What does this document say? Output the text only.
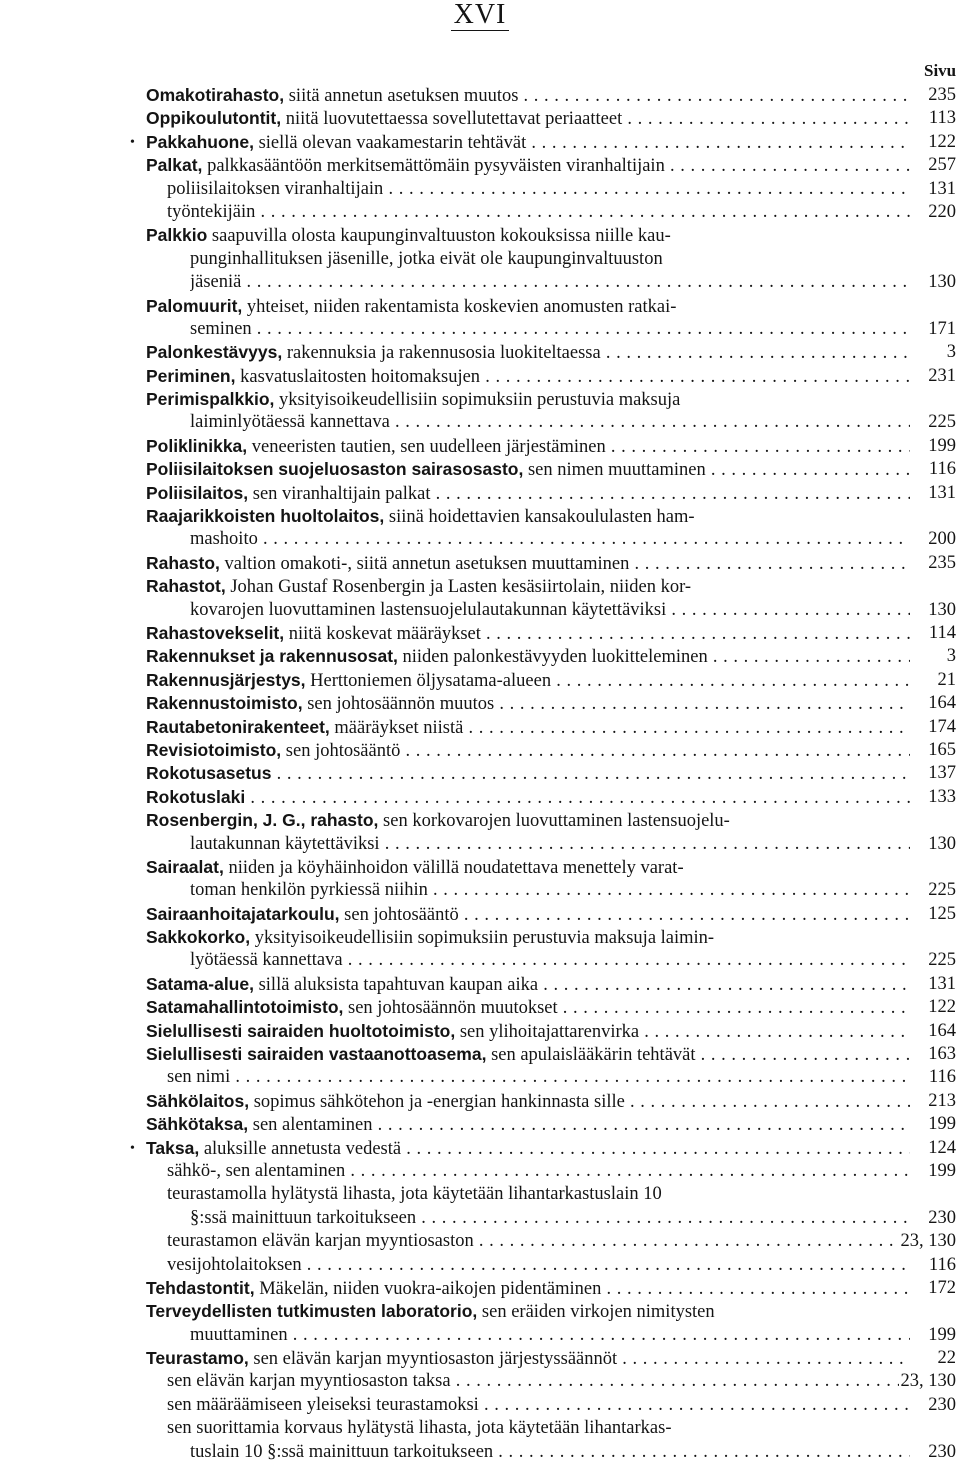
XVI
Sivu
Omakotirahasto, siitä annetun asetuksen muutos . . .	235
Oppikoulutontit, niitä luovutettaessa sovellutettavat periaatteet . . .	113
• Pakkahuone, siellä olevan vaakamestarin tehtävät . . .	122
Palkat, palkkasääntöön merkitsemättömäin pysyväisten viranhaltijain . . .	257
poliisilaitoksen viranhaltijain . . .	131
työntekijäin . . .	220
Palkkio saapuvilla olosta kaupunginvaltuuston kokouksissa niille kau-
punginhallituksen jäsenille, jotka eivät ole kaupunginvaltuuston
jäseniä . . .	130
Palomuurit, yhteiset, niiden rakentamista koskevien anomusten ratkai-
seminen . . .	171
Palonkestävyys, rakennuksia ja rakennusosia luokiteltaessa . . .	3
Periminen, kasvatuslaitosten hoitomaksujen . . .	231
Perimispalkkio, yksityisoikeudellisiin sopimuksiin perustuvia maksuja
laiminlyötäessä kannettava . . .	225
Poliklinikka, veneeristen tautien, sen uudelleen järjestäminen . . .	199
Poliisilaitoksen suojeluosaston sairasosasto, sen nimen muuttaminen . . .	116
Poliisilaitos, sen viranhaltijain palkat . . .	131
Raajarikkoisten huoltolaitos, siinä hoidettavien kansakoululasten ham-
mashoito . . .	200
Rahasto, valtion omakoti-, siitä annetun asetuksen muuttaminen . . .	235
Rahastot, Johan Gustaf Rosenbergin ja Lasten kesäsiirtolain, niiden kor-
kovarojen luovuttaminen lastensuojelulautakunnan käytettäviksi . . .	130
Rahastovekselit, niitä koskevat määräykset . . .	114
Rakennukset ja rakennusosat, niiden palonkestävyyden luokitteleminen . . .	3
Rakennusjärjestys, Herttoniemen öljysatama-alueen . . .	21
Rakennustoimisto, sen johtosäännön muutos . . .	164
Rautabetonirakenteet, määräykset niistä . . .	174
Revisiotoimisto, sen johtosääntö . . .	165
Rokotusasetus . . .	137
Rokotuslaki . . .	133
Rosenbergin, J. G., rahasto, sen korkovarojen luovuttaminen lastensuojelu-
lautakunnan käytettäviksi . . .	130
Sairaalat, niiden ja köyhäinhoidon välillä noudatettava menettely varat-
toman henkilön pyrkiessä niihin . . .	225
Sairaanhoitajatarkoulu, sen johtosääntö . . .	125
Sakkokorko, yksityisoikeudellisiin sopimuksiin perustuvia maksuja laimin-
lyötäessä kannettava . . .	225
Satama-alue, sillä aluksista tapahtuvan kaupan aika . . .	131
Satamahallintotoimisto, sen johtosäännön muutokset . . .	122
Sielullisesti sairaiden huoltotoimisto, sen ylihoitajattarenvirka . . .	164
Sielullisesti sairaiden vastaanottoasema, sen apulaislääkärin tehtävät . . .	163
sen nimi . . .	116
Sähkölaitos, sopimus sähkötehon ja -energian hankinnasta sille . . .	213
Sähkötaksa, sen alentaminen . . .	199
• Taksa, aluksille annetusta vedestä . . .	124
sähkö-, sen alentaminen . . .	199
teurastamolla hylätystä lihasta, jota käytetään lihantarkastuslain 10
§:ssä mainittuun tarkoitukseen . . .	230
teurastamon elävän karjan myyntiosaston . . .	23, 130
vesijohtolaitoksen . . .	116
Tehdastontit, Mäkelän, niiden vuokra-aikojen pidentäminen . . .	172
Terveydellisten tutkimusten laboratorio, sen eräiden virkojen nimitysten
muuttaminen . . .	199
Teurastamo, sen elävän karjan myyntiosaston järjestyssäännöt . . .	22
sen elävän karjan myyntiosaston taksa . . .	23, 130
sen määräämiseen yleiseksi teurastamoksi . . .	230
sen suorittamia korvaus hylätystä lihasta, jota käytetään lihantarkas-
tuslain 10 §:ssä mainittuun tarkoitukseen . . .	230
